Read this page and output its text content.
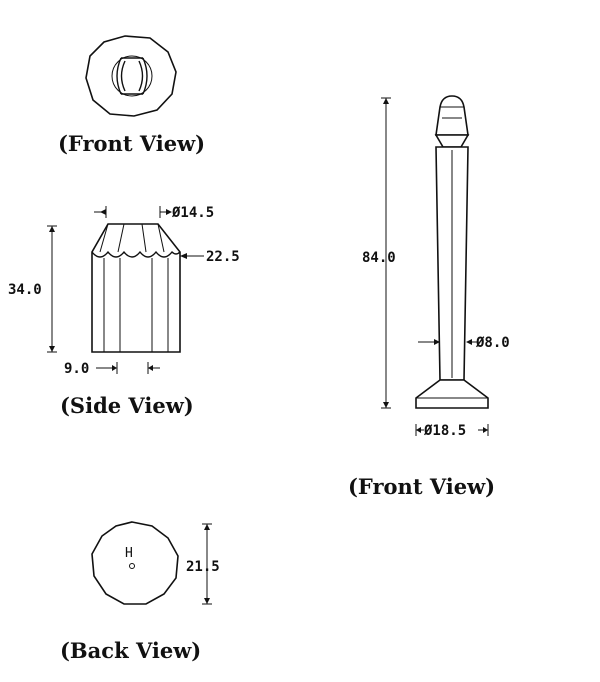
(Front View)
Ø14.5
22.5
34.0
9.0
(Side View)
84.0
Ø8.0
Ø18.5
(Front View)
H
21.5
(Back View)
